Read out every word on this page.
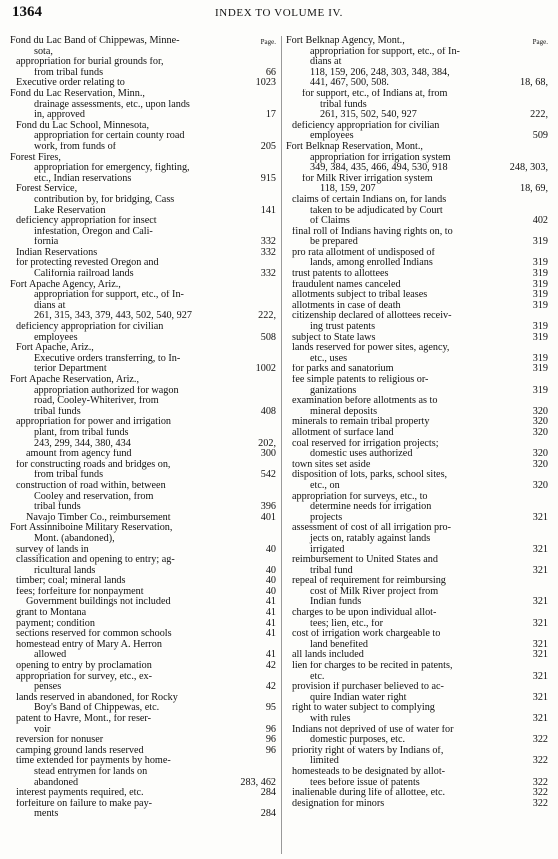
1364	INDEX TO VOLUME IV.
Page.
Fond du Lac Band of Chippewas, Minne-
sota,
appropriation for burial grounds for,
from tribal funds	66
Executive order relating to	1023
Fond du Lac Reservation, Minn.,
drainage assessments, etc., upon lands
in, approved	17
Fond du Lac School, Minnesota,
appropriation for certain county road
work, from funds of	205
Forest Fires,
appropriation for emergency, fighting,
etc., Indian reservations	915
Forest Service,
contribution by, for bridging, Cass
Lake Reservation	141
deficiency appropriation for insect
infestation, Oregon and Cali-
fornia	332
Indian Reservations	332
for protecting revested Oregon and
California railroad lands	332
Fort Apache Agency, Ariz.,
appropriation for support, etc., of In-
dians at
261, 315, 343, 379, 443, 502, 540, 927	222,
deficiency appropriation for civilian
employees	508
Fort Apache, Ariz.,
Executive orders transferring, to In-
terior Department	1002
Fort Apache Reservation, Ariz.,
appropriation authorized for wagon
road, Cooley-Whiteriver, from
tribal funds	408
appropriation for power and irrigation
plant, from tribal funds
243, 299, 344, 380, 434	202,
amount from agency fund	300
for constructing roads and bridges on,
from tribal funds	542
construction of road within, between
Cooley and reservation, from
tribal funds	396
Navajo Timber Co., reimbursement	401
Fort Assinniboine Military Reservation,
Mont. (abandoned),
survey of lands in	40
classification and opening to entry; ag-
ricultural lands	40
timber; coal; mineral lands	40
fees; forfeiture for nonpayment	40
Government buildings not included	41
grant to Montana	41
payment; condition	41
sections reserved for common schools	41
homestead entry of Mary A. Herron
allowed	41
opening to entry by proclamation	42
appropriation for survey, etc., ex-
penses	42
lands reserved in abandoned, for Rocky
Boy's Band of Chippewas, etc.	95
patent to Havre, Mont., for reser-
voir	96
reversion for nonuser	96
camping ground lands reserved	96
time extended for payments by home-
stead entrymen for lands on
abandoned	283, 462
interest payments required, etc.	284
forfeiture on failure to make pay-
ments	284
Page.
Fort Belknap Agency, Mont.,
appropriation for support, etc., of In-
dians at
118, 159, 206, 248, 303, 348, 384,
441, 467, 500, 508.	18, 68,
for support, etc., of Indians at, from
tribal funds
261, 315, 502, 540, 927	222,
deficiency appropriation for civilian
employees	509
Fort Belknap Reservation, Mont.,
appropriation for irrigation system
349, 384, 435, 466, 494, 530, 918	248, 303,
for Milk River irrigation system
118, 159, 207	18, 69,
claims of certain Indians on, for lands
taken to be adjudicated by Court
of Claims	402
final roll of Indians having rights on, to
be prepared	319
pro rata allotment of undisposed of
lands, among enrolled Indians	319
trust patents to allottees	319
fraudulent names canceled	319
allotments subject to tribal leases	319
allotments in case of death	319
citizenship declared of allottees receiv-
ing trust patents	319
subject to State laws	319
lands reserved for power sites, agency,
etc., uses	319
for parks and sanatorium	319
fee simple patents to religious or-
ganizations	319
examination before allotments as to
mineral deposits	320
minerals to remain tribal property	320
allotment of surface land	320
coal reserved for irrigation projects;
domestic uses authorized	320
town sites set aside	320
disposition of lots, parks, school sites,
etc., on	320
appropriation for surveys, etc., to
determine needs for irrigation
projects	321
assessment of cost of all irrigation pro-
jects on, ratably against lands
irrigated	321
reimbursement to United States and
tribal fund	321
repeal of requirement for reimbursing
cost of Milk River project from
Indian funds	321
charges to be upon individual allot-
tees; lien, etc., for	321
cost of irrigation work chargeable to
land benefited	321
all lands included	321
lien for charges to be recited in patents,
etc.	321
provision if purchaser believed to ac-
quire Indian water right	321
right to water subject to complying
with rules	321
Indians not deprived of use of water for
domestic purposes, etc.	322
priority right of waters by Indians of,
limited	322
homesteads to be designated by allot-
tees before issue of patents	322
inalienable during life of allottee, etc.	322
designation for minors	322
